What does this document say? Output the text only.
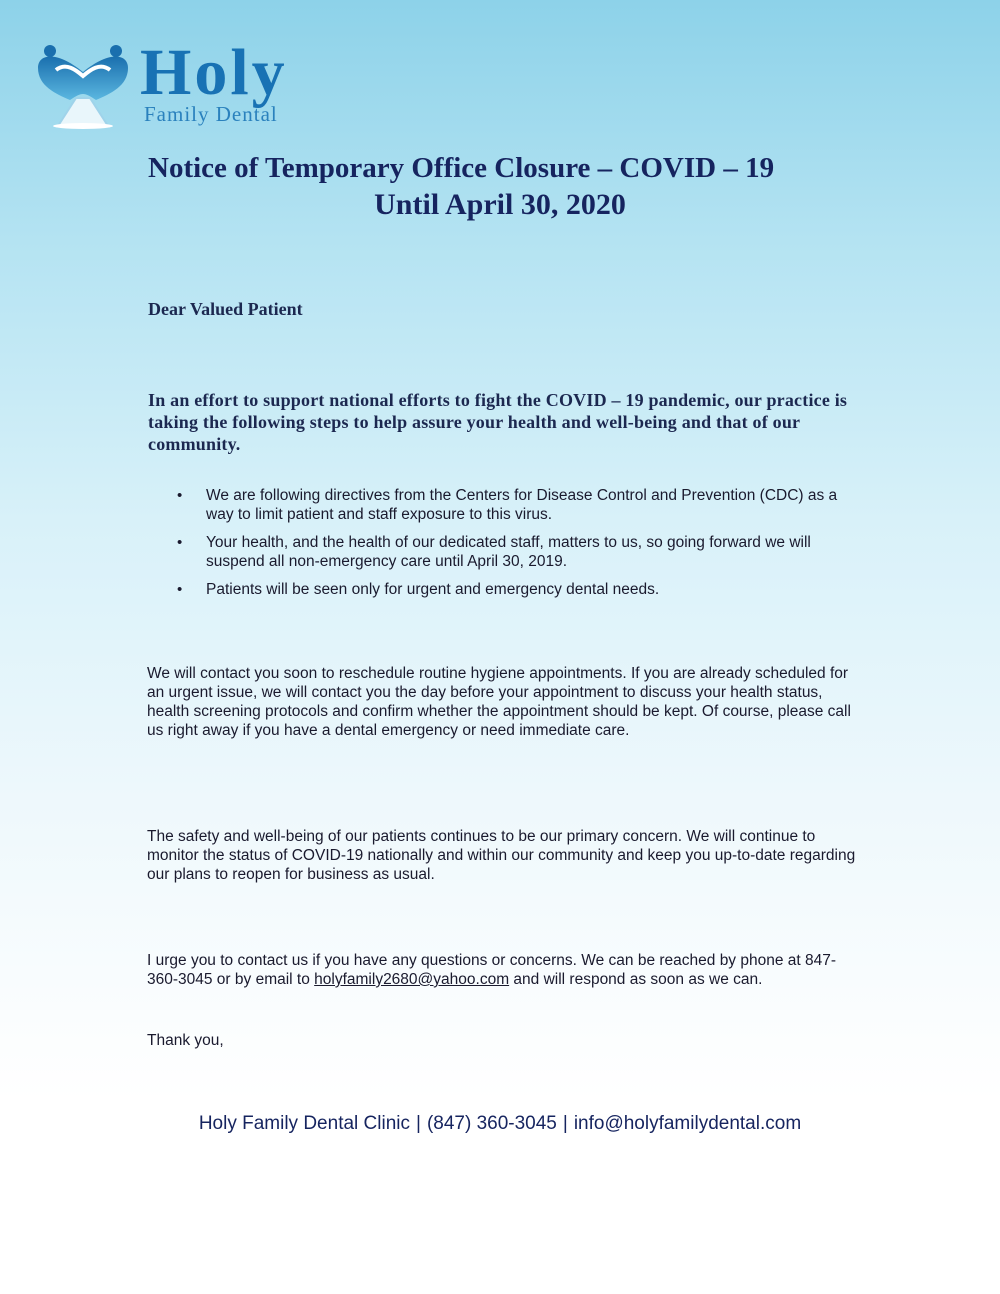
Holy
Family Dental
Notice of Temporary Office Closure – COVID – 19
Until April 30, 2020
Dear Valued Patient
In an effort to support national efforts to fight the COVID – 19 pandemic, our practice is taking the following steps to help assure your health and well-being and that of our community.
• We are following directives from the Centers for Disease Control and Prevention (CDC) as a way to limit patient and staff exposure to this virus.
• Your health, and the health of our dedicated staff, matters to us, so going forward we will suspend all non-emergency care until April 30, 2019.
• Patients will be seen only for urgent and emergency dental needs.
We will contact you soon to reschedule routine hygiene appointments. If you are already scheduled for an urgent issue, we will contact you the day before your appointment to discuss your health status, health screening protocols and confirm whether the appointment should be kept. Of course, please call us right away if you have a dental emergency or need immediate care.
The safety and well-being of our patients continues to be our primary concern. We will continue to monitor the status of COVID-19 nationally and within our community and keep you up-to-date regarding our plans to reopen for business as usual.
I urge you to contact us if you have any questions or concerns. We can be reached by phone at 847-360-3045 or by email to holyfamily2680@yahoo.com and will respond as soon as we can.
Thank you,
Holy Family Dental Clinic | (847) 360-3045 | info@holyfamilydental.com
